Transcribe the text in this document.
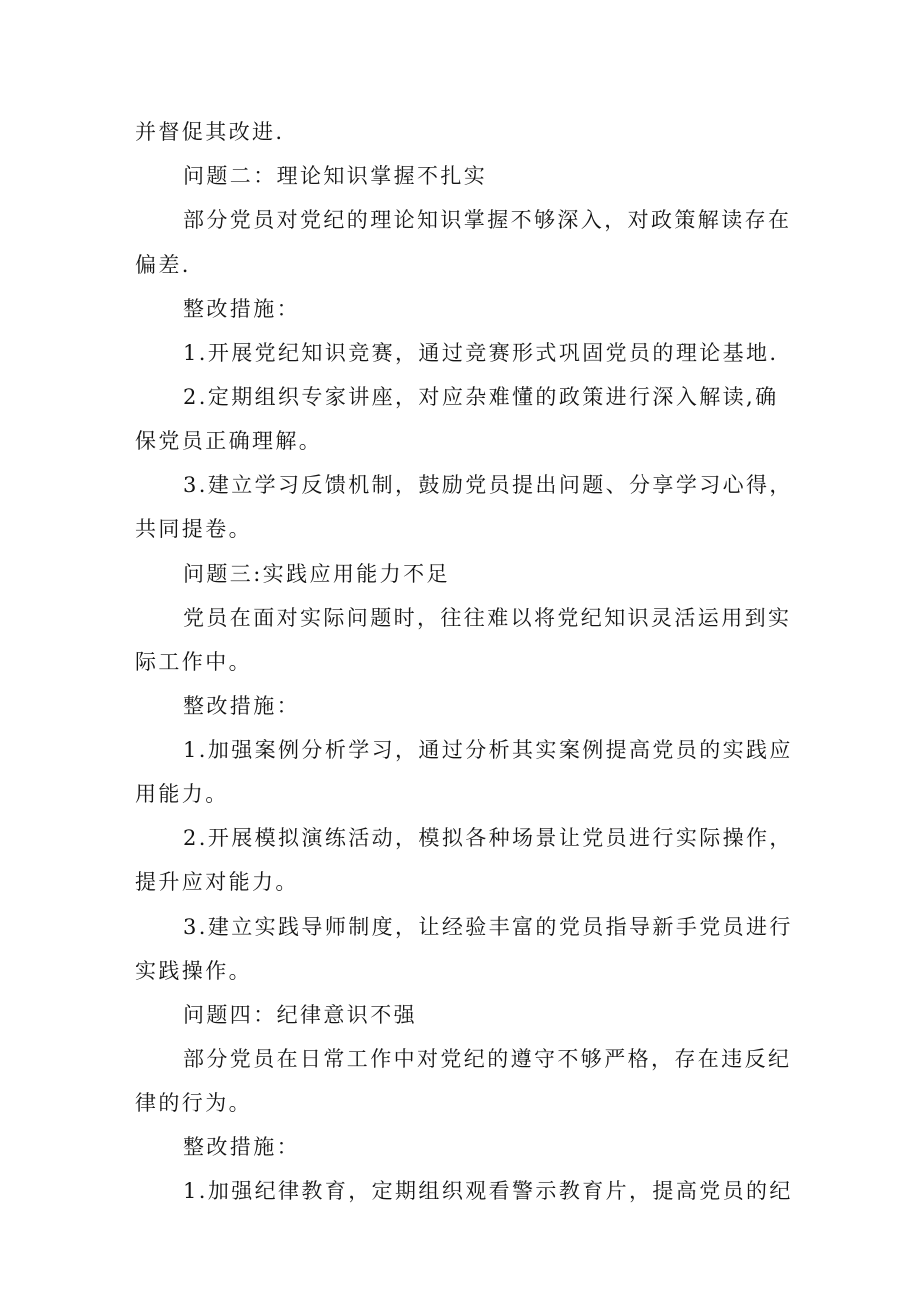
并督促其改进.
问题二：理论知识掌握不扎实
部分党员对党纪的理论知识掌握不够深入，对政策解读存在
偏差.
整改措施：
1.开展党纪知识竞赛，通过竞赛形式巩固党员的理论基地.
2.定期组织专家讲座，对应杂难懂的政策进行深入解读,确
保党员正确理解。
3.建立学习反馈机制，鼓励党员提出问题、分享学习心得，
共同提卷。
问题三:实践应用能力不足
党员在面对实际问题时，往往难以将党纪知识灵活运用到实
际工作中。
整改措施：
1.加强案例分析学习，通过分析其实案例提高党员的实践应
用能力。
2.开展模拟演练活动，模拟各种场景让党员进行实际操作，
提升应对能力。
3.建立实践导师制度，让经验丰富的党员指导新手党员进行
实践操作。
问题四：纪律意识不强
部分党员在日常工作中对党纪的遵守不够严格，存在违反纪
律的行为。
整改措施：
1.加强纪律教育，定期组织观看警示教育片，提高党员的纪
